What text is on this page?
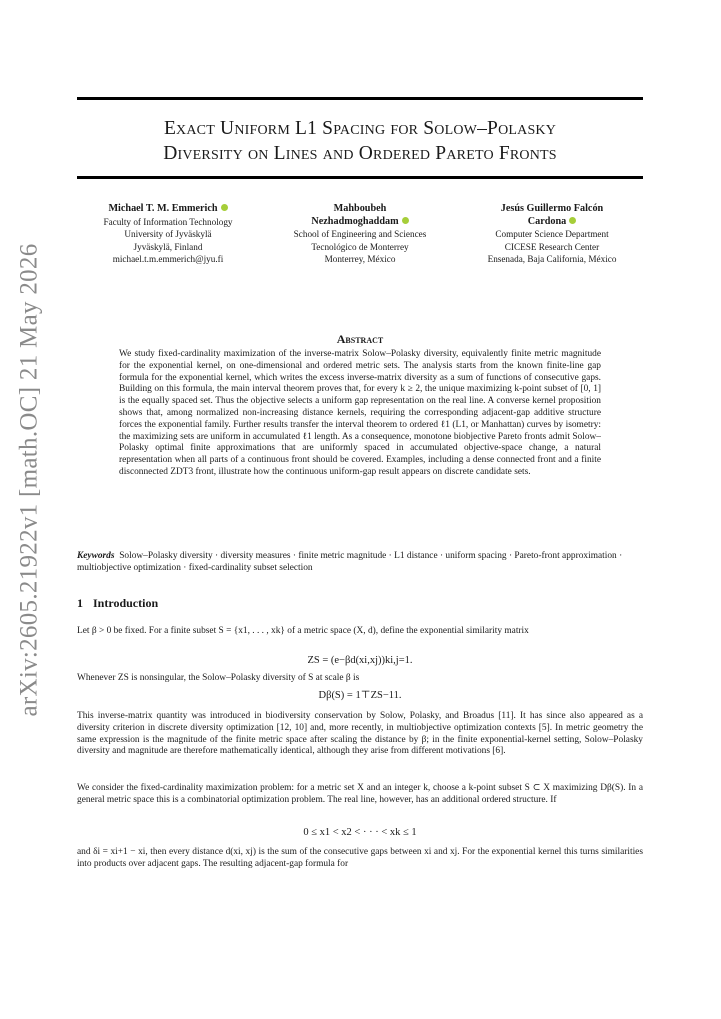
arXiv:2605.21922v1 [math.OC] 21 May 2026
Exact Uniform L1 Spacing for Solow–Polasky
Diversity on Lines and Ordered Pareto Fronts
Michael T. M. Emmerich
Faculty of Information Technology
University of Jyväskylä
Jyväskylä, Finland
michael.t.m.emmerich@jyu.fi
Mahboubeh
Nezhadmoghaddam
School of Engineering and Sciences
Tecnológico de Monterrey
Monterrey, México
Jesús Guillermo Falcón
Cardona
Computer Science Department
CICESE Research Center
Ensenada, Baja California, México
Abstract
We study fixed-cardinality maximization of the inverse-matrix Solow–Polasky diversity, equivalently finite metric magnitude for the exponential kernel, on one-dimensional and ordered metric sets. The analysis starts from the known finite-line gap formula for the exponential kernel, which writes the excess inverse-matrix diversity as a sum of functions of consecutive gaps. Building on this formula, the main interval theorem proves that, for every k ≥ 2, the unique maximizing k-point subset of [0, 1] is the equally spaced set. Thus the objective selects a uniform gap representation on the real line. A converse kernel proposition shows that, among normalized non-increasing distance kernels, requiring the corresponding adjacent-gap additive structure forces the exponential family. Further results transfer the interval theorem to ordered ℓ1 (L1, or Manhattan) curves by isometry: the maximizing sets are uniform in accumulated ℓ1 length. As a consequence, monotone biobjective Pareto fronts admit Solow–Polasky optimal finite approximations that are uniformly spaced in accumulated objective-space change, a natural representation when all parts of a continuous front should be covered. Examples, including a dense connected front and a finite disconnected ZDT3 front, illustrate how the continuous uniform-gap result appears on discrete candidate sets.
Keywords Solow–Polasky diversity · diversity measures · finite metric magnitude · L1 distance · uniform spacing · Pareto-front approximation · multiobjective optimization · fixed-cardinality subset selection
1 Introduction
Let β > 0 be fixed. For a finite subset S = {x1, . . . , xk} of a metric space (X, d), define the exponential similarity matrix
ZS = (e−βd(xi,xj))ki,j=1.
Whenever ZS is nonsingular, the Solow–Polasky diversity of S at scale β is
Dβ(S) = 1⊤ZS−11.
This inverse-matrix quantity was introduced in biodiversity conservation by Solow, Polasky, and Broadus [11]. It has since also appeared as a diversity criterion in discrete diversity optimization [12, 10] and, more recently, in multiobjective optimization contexts [5]. In metric geometry the same expression is the magnitude of the finite metric space after scaling the distance by β; in the finite exponential-kernel setting, Solow–Polasky diversity and magnitude are therefore mathematically identical, although they arise from different motivations [6].
We consider the fixed-cardinality maximization problem: for a metric set X and an integer k, choose a k-point subset S ⊂ X maximizing Dβ(S). In a general metric space this is a combinatorial optimization problem. The real line, however, has an additional ordered structure. If
0 ≤ x1 < x2 < · · · < xk ≤ 1
and δi = xi+1 − xi, then every distance d(xi, xj) is the sum of the consecutive gaps between xi and xj. For the exponential kernel this turns similarities into products over adjacent gaps. The resulting adjacent-gap formula for
